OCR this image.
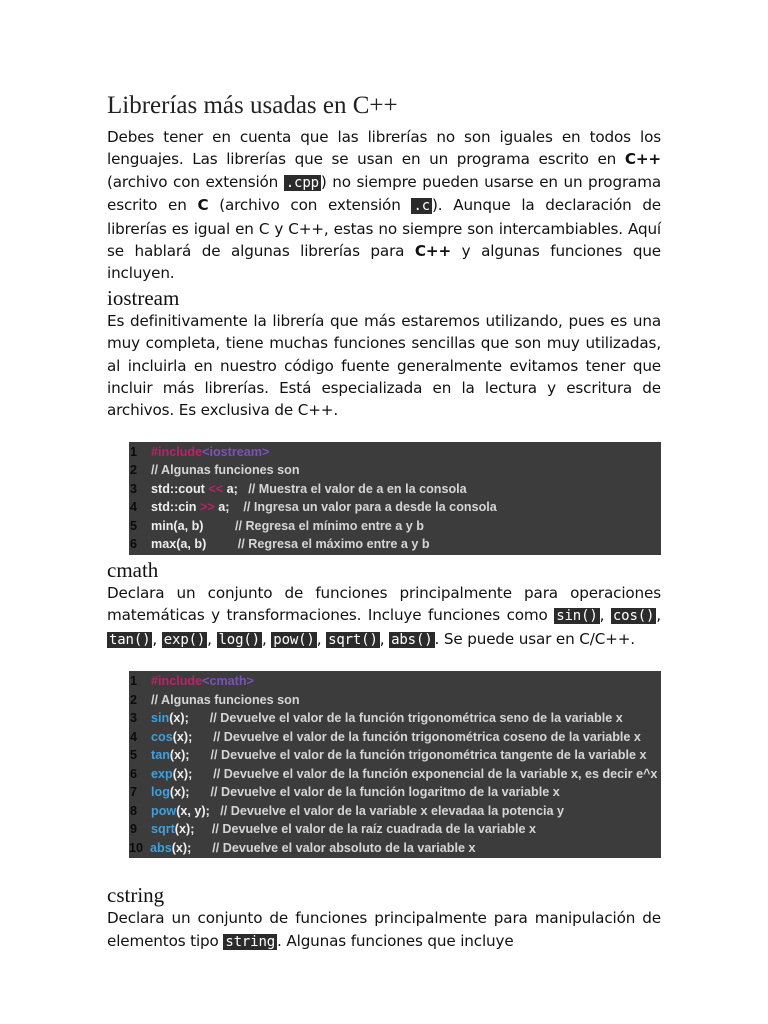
Librerías más usadas en C++

Debes tener en cuenta que las librerías no son iguales en todos los lenguajes. Las librerías que se usan en un programa escrito en C++ (archivo con extensión .cpp ) no siempre pueden usarse en un programa escrito en C (archivo con extensión .c ). Aunque la declaración de librerías es igual en C y C++, estas no siempre son intercambiables. Aquí se hablará de algunas librerías para C++ y algunas funciones que incluyen.

iostream

Es definitivamente la librería que más estaremos utilizando, pues es una muy completa, tiene muchas funciones sencillas que son muy utilizadas, al incluirla en nuestro código fuente generalmente evitamos tener que incluir más librerías. Está especializada en la lectura y escritura de archivos. Es exclusiva de C++.

1	#include <iostream>
2	// Algunas funciones son
3	std::cout << a; // Muestra el valor de a en la consola
4	std::cin >> a; // Ingresa un valor para a desde la consola
5	min(a, b) // Regresa el mínimo entre a y b
6	max(a, b) // Regresa el máximo entre a y b
cmath

Declara un conjunto de funciones principalmente para operaciones matemáticas y transformaciones. Incluye funciones como sin() , cos() , tan() , exp() , log() , pow() , sqrt() , abs() . Se puede usar en C/C++.

1	#include <cmath>
2	// Algunas funciones son
3	sin (x); // Devuelve el valor de la función trigonométrica seno de la variable x
4	cos (x); // Devuelve el valor de la función trigonométrica coseno de la variable x
5	tan (x); // Devuelve el valor de la función trigonométrica tangente de la variable x
6	exp (x); // Devuelve el valor de la función exponencial de la variable x, es decir e^x
7	log (x); // Devuelve el valor de la función logaritmo de la variable x
8	pow (x, y); // Devuelve el valor de la variable x elevadaa la potencia y
9	sqrt (x); // Devuelve el valor de la raíz cuadrada de la variable x
10 abs (x); // Devuelve el valor absoluto de la variable x
cstring

Declara un conjunto de funciones principalmente para manipulación de elementos tipo string . Algunas funciones que incluye
